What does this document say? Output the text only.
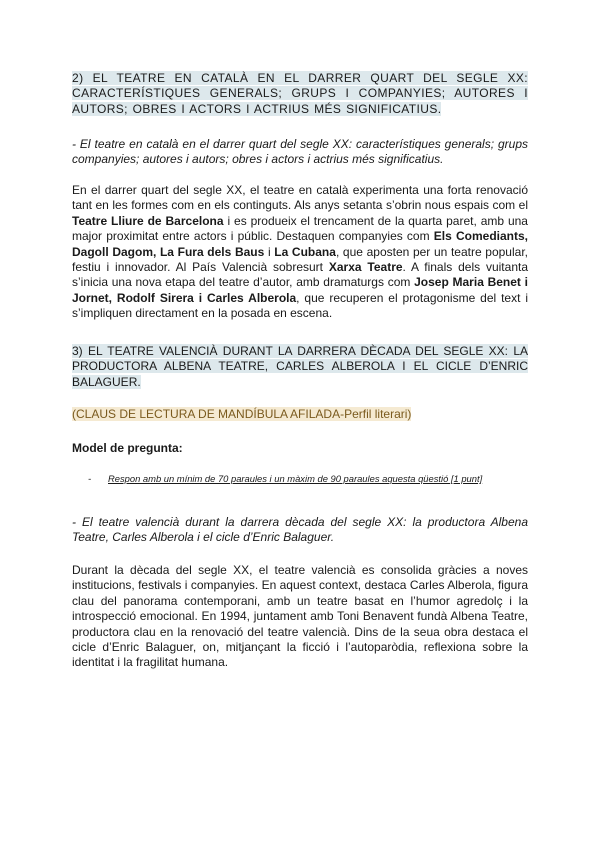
2) EL TEATRE EN CATALÀ EN EL DARRER QUART DEL SEGLE XX: CARACTERÍSTIQUES GENERALS; GRUPS I COMPANYIES; AUTORES I AUTORS; OBRES I ACTORS I ACTRIUS MÉS SIGNIFICATIUS.
- El teatre en català en el darrer quart del segle XX: característiques generals; grups companyies; autores i autors; obres i actors i actrius més significatius.
En el darrer quart del segle XX, el teatre en català experimenta una forta renovació tant en les formes com en els continguts. Als anys setanta s’obrin nous espais com el Teatre Lliure de Barcelona i es produeix el trencament de la quarta paret, amb una major proximitat entre actors i públic. Destaquen companyies com Els Comediants, Dagoll Dagom, La Fura dels Baus i La Cubana, que aposten per un teatre popular, festiu i innovador. Al País Valencià sobresurt Xarxa Teatre. A finals dels vuitanta s’inicia una nova etapa del teatre d’autor, amb dramaturgs com Josep Maria Benet i Jornet, Rodolf Sirera i Carles Alberola, que recuperen el protagonisme del text i s’impliquen directament en la posada en escena.
3) EL TEATRE VALENCIÀ DURANT LA DARRERA DÈCADA DEL SEGLE XX: LA PRODUCTORA ALBENA TEATRE, CARLES ALBEROLA I EL CICLE D’ENRIC BALAGUER.
(CLAUS DE LECTURA DE MANDÍBULA AFILADA-Perfil literari)
Model de pregunta:
- Respon amb un mínim de 70 paraules i un màxim de 90 paraules aquesta qüestió [1 punt]
- El teatre valencià durant la darrera dècada del segle XX: la productora Albena Teatre, Carles Alberola i el cicle d’Enric Balaguer.
Durant la dècada del segle XX, el teatre valencià es consolida gràcies a noves institucions, festivals i companyies. En aquest context, destaca Carles Alberola, figura clau del panorama contemporani, amb un teatre basat en l’humor agredolç i la introspecció emocional. En 1994, juntament amb Toni Benavent fundà Albena Teatre, productora clau en la renovació del teatre valencià. Dins de la seua obra destaca el cicle d’Enric Balaguer, on, mitjançant la ficció i l’autoparòdia, reflexiona sobre la identitat i la fragilitat humana.
